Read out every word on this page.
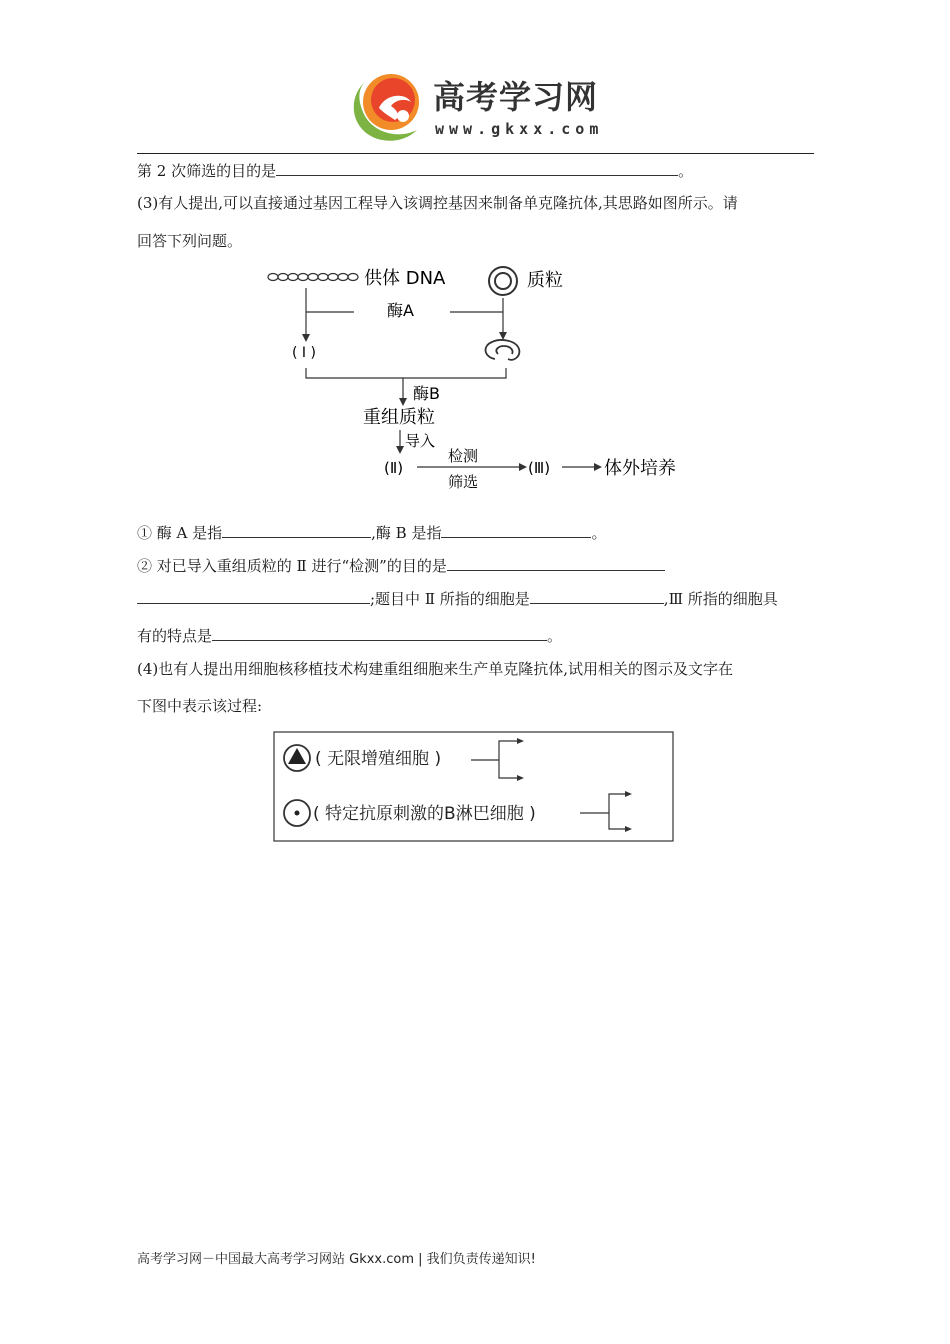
高考学习网
www.gkxx.com
第 2 次筛选的目的是	。
(3)有人提出,可以直接通过基因工程导入该调控基因来制备单克隆抗体,其思路如图所示。请
回答下列问题。
供体 DNA	质粒
酶A
( Ⅰ )
酶B
重组质粒
导入
(Ⅱ)
检测
筛选
(Ⅲ)	体外培养
① 酶 A 是指	,酶 B 是指	。
② 对已导入重组质粒的 Ⅱ 进行“检测”的目的是
;题目中 Ⅱ 所指的细胞是	,Ⅲ 所指的细胞具
有的特点是	。
(4)也有人提出用细胞核移植技术构建重组细胞来生产单克隆抗体,试用相关的图示及文字在
下图中表示该过程:
( 无限增殖细胞 )
( 特定抗原刺激的B淋巴细胞 )
高考学习网－中国最大高考学习网站 Gkxx.com | 我们负责传递知识!
